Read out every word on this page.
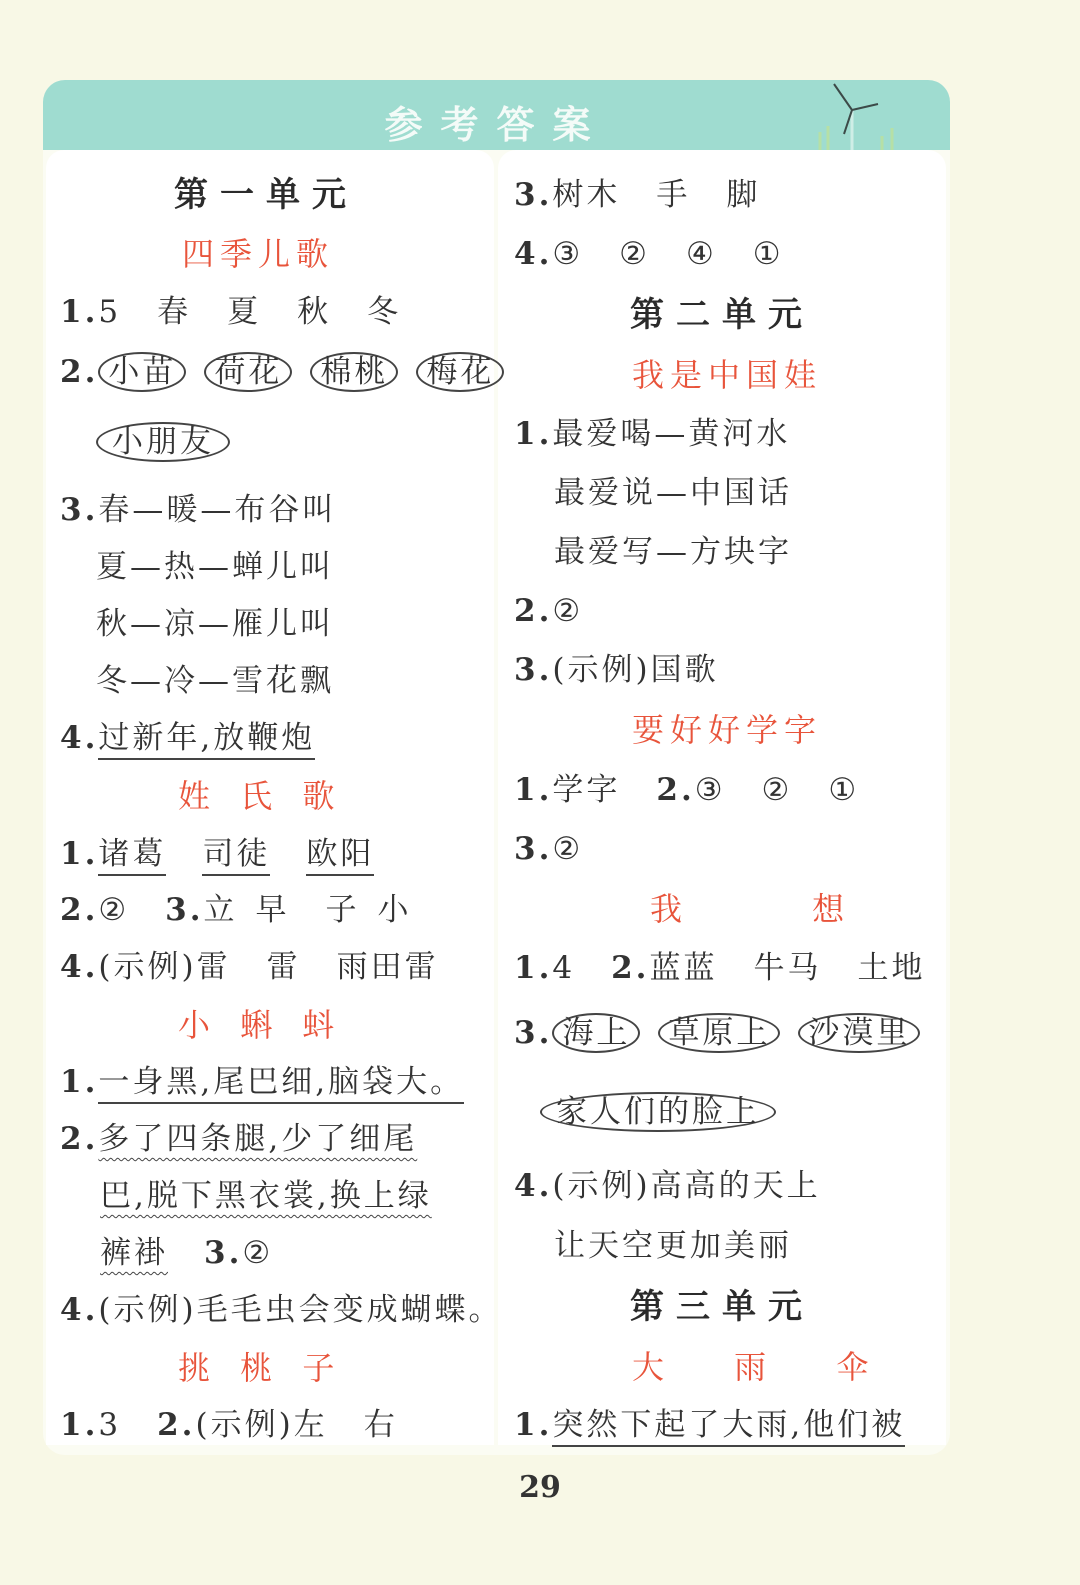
参考答案
第一单元
四季儿歌
1.5 春 夏 秋 冬
2. 小苗 荷花 棉桃 梅花
小朋友
3.春—暖—布谷叫
夏—热—蝉儿叫
秋—凉—雁儿叫
冬—冷—雪花飘
4.过新年,放鞭炮
姓 氏 歌
1.诸葛 司徒 欧阳
2.② 3.立 早 子 小
4.(示例)雷 雷 雨田雷
小 蝌 蚪
1.一身黑,尾巴细,脑袋大。
2.多了四条腿,少了细尾
巴,脱下黑衣裳,换上绿
裤褂 3.②
4.(示例)毛毛虫会变成蝴蝶。
挑 桃 子
1.3 2.(示例)左 右
3.树木 手 脚
4.③ ② ④ ①
第二单元
我是中国娃
1.最爱喝—黄河水
最爱说—中国话
最爱写—方块字
2.②
3.(示例)国歌
要好好学字
1.学字 2.③ ② ①
3.②
我 想
1.4 2.蓝蓝 牛马 土地
3. 海上 草原上 沙漠里
家人们的脸上
4.(示例)高高的天上
让天空更加美丽
第三单元
大 雨 伞
1.突然下起了大雨,他们被
29
